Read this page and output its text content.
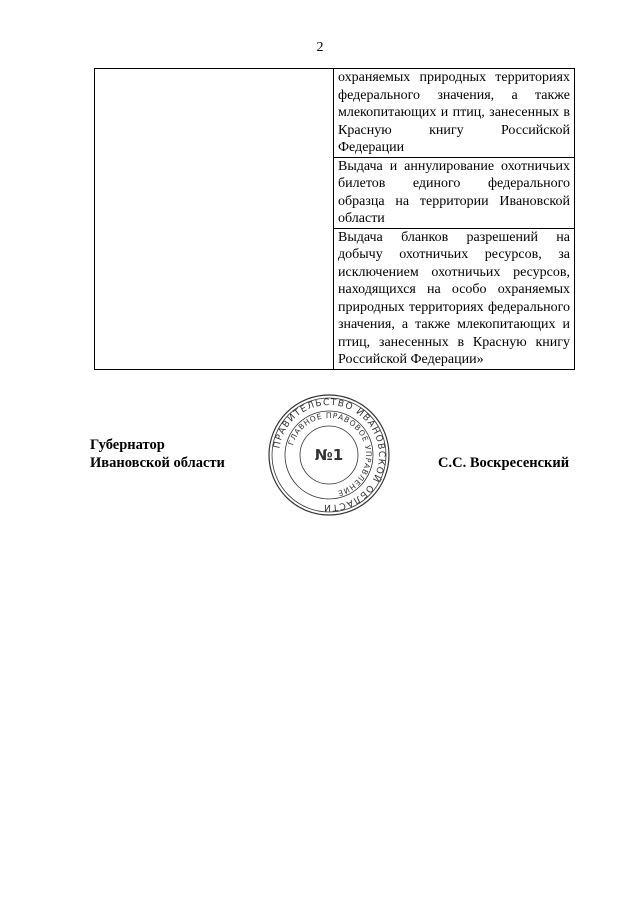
2
	охраняемых природных территориях федерального значения, а также млекопитающих и птиц, занесенных в Красную книгу Российской Федерации
Выдача и аннулирование охотничьих билетов единого федерального образца на территории Ивановской области
Выдача бланков разрешений на добычу охотничьих ресурсов, за исключением охотничьих ресурсов, находящихся на особо охраняемых природных территориях федерального значения, а также млекопитающих и птиц, занесенных в Красную книгу Российской Федерации»
Губернатор
Ивановской области
ПРАВИТЕЛЬСТВО ИВАНОВСКОЙ ОБЛАСТИ
ГЛАВНОЕ ПРАВОВОЕ УПРАВЛЕНИЕ
№1	С.С. Воскресенский
